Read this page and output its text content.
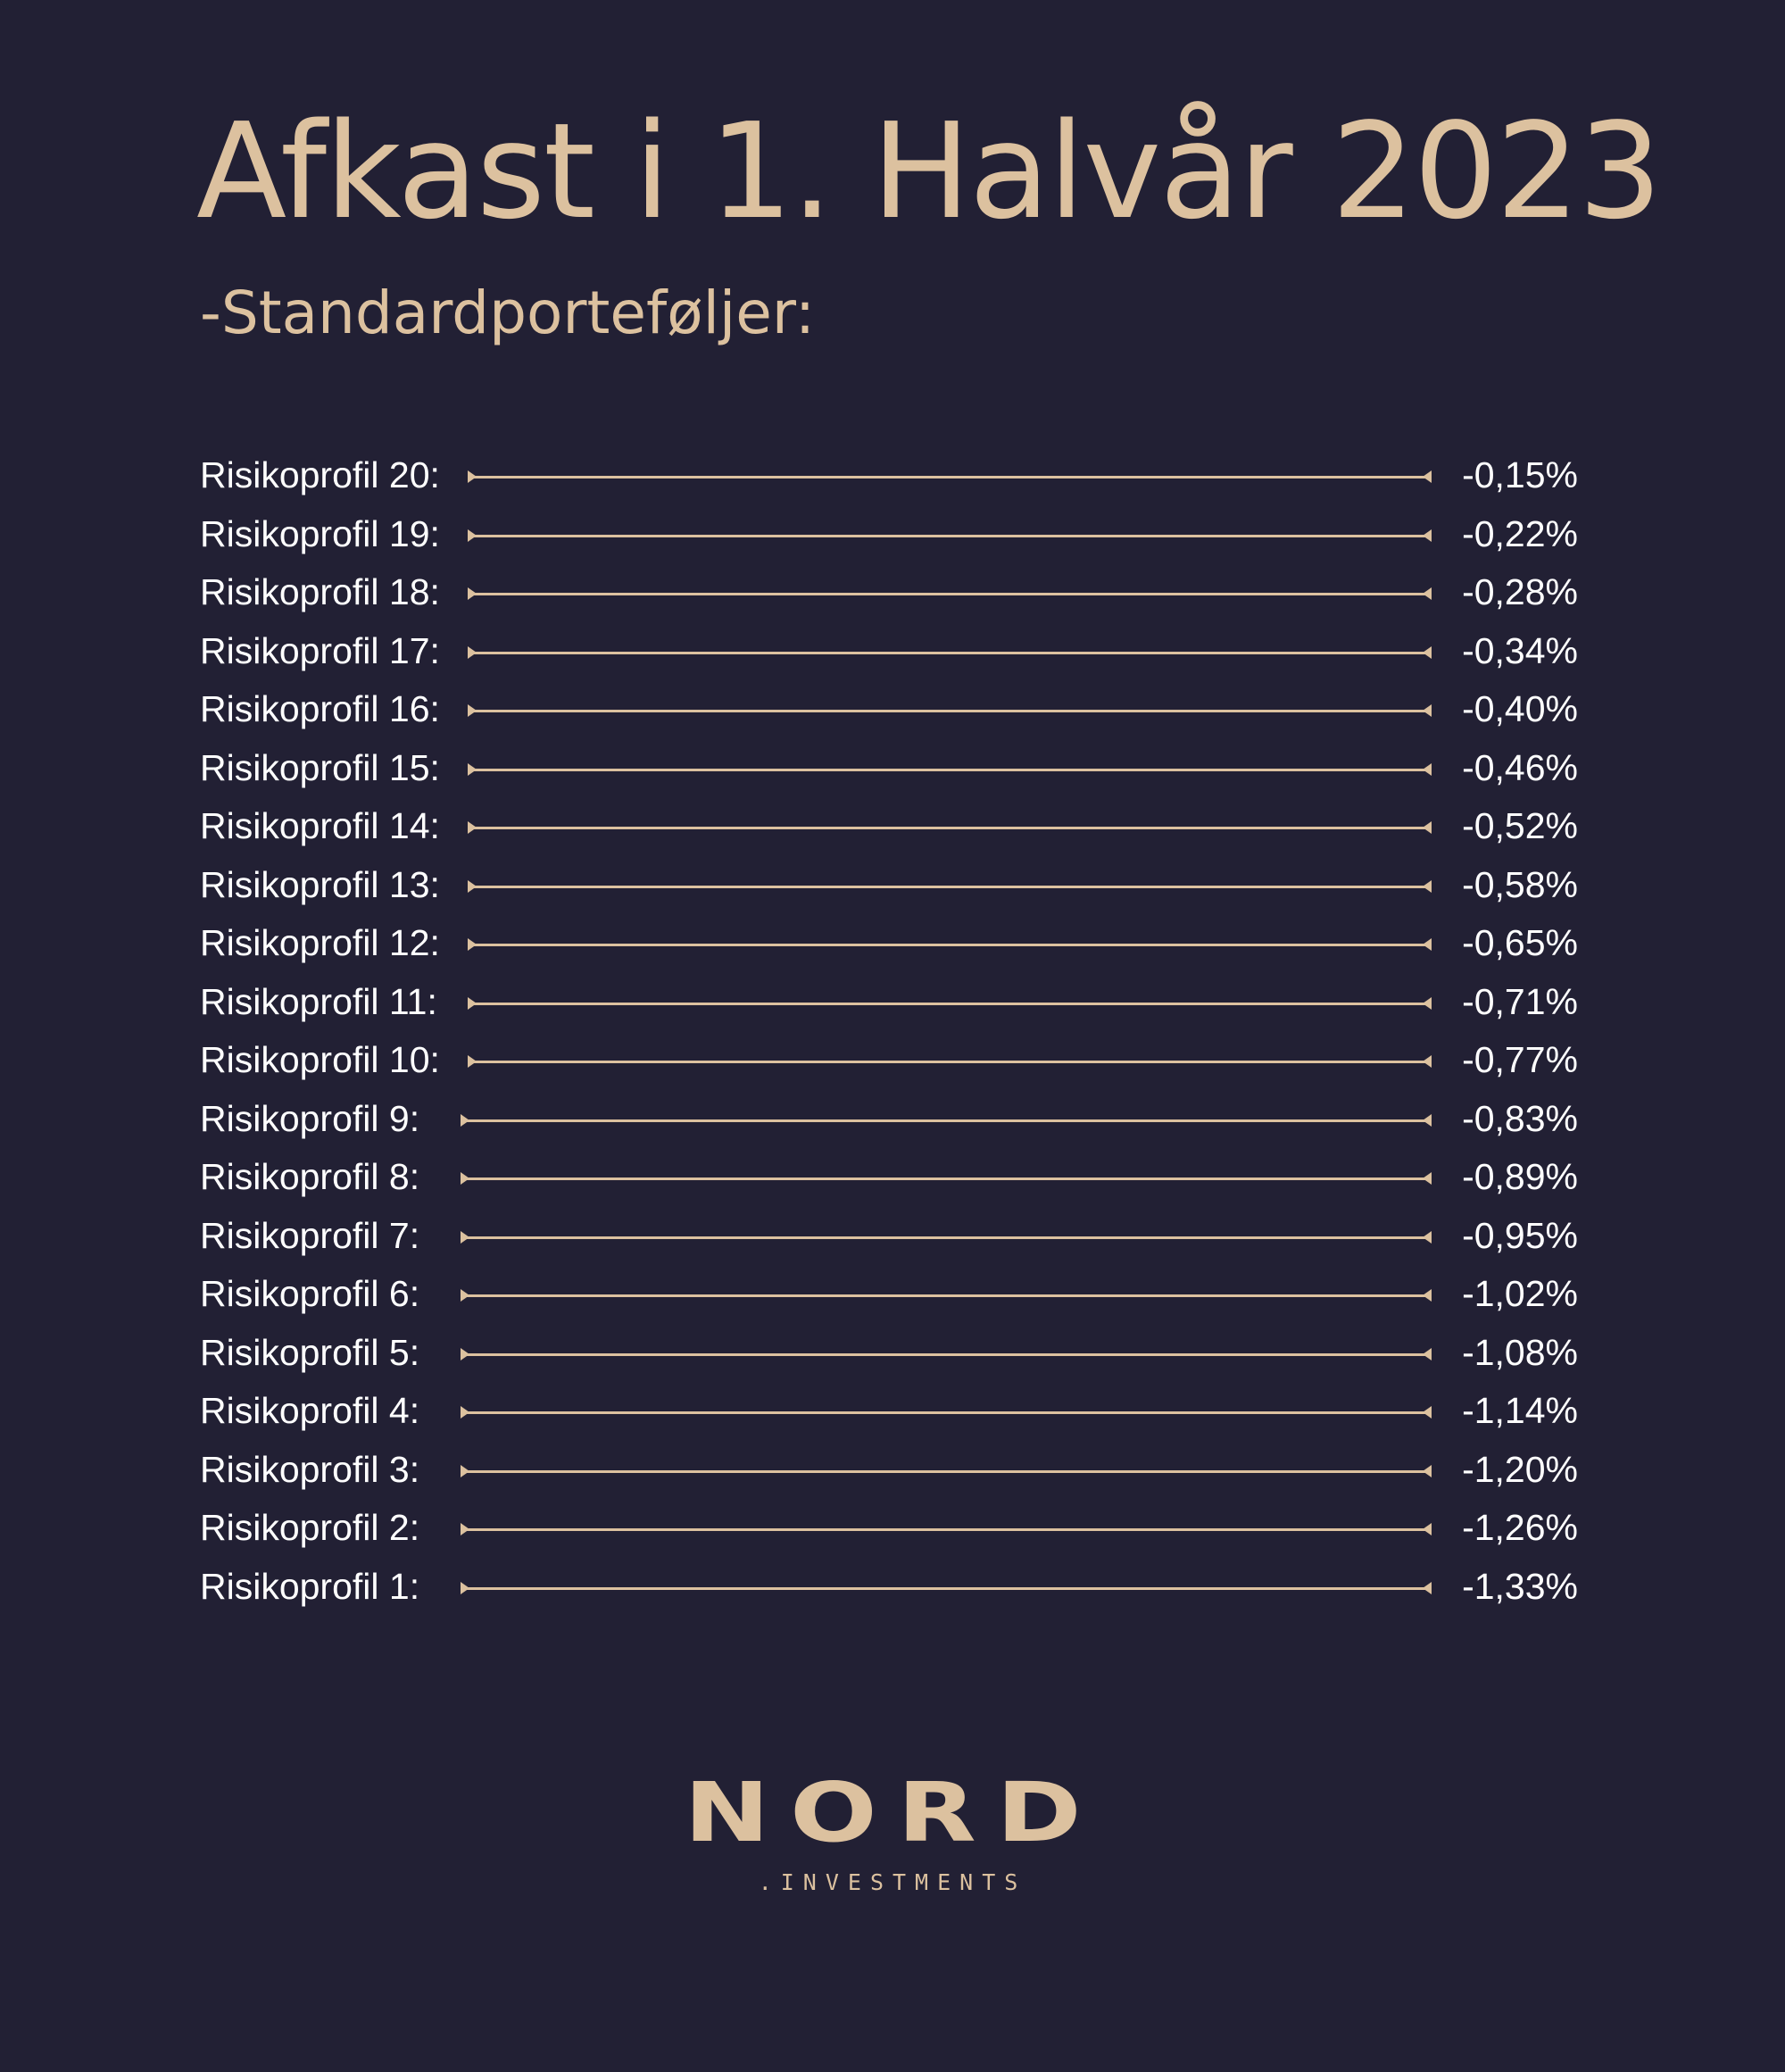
Afkast i 1. Halvår 2023
-Standardporteføljer:
Risikoprofil 20:	-0,15%
Risikoprofil 19:	-0,22%
Risikoprofil 18:	-0,28%
Risikoprofil 17:	-0,34%
Risikoprofil 16:	-0,40%
Risikoprofil 15:	-0,46%
Risikoprofil 14:	-0,52%
Risikoprofil 13:	-0,58%
Risikoprofil 12:	-0,65%
Risikoprofil 11:	-0,71%
Risikoprofil 10:	-0,77%
Risikoprofil 9:	-0,83%
Risikoprofil 8:	-0,89%
Risikoprofil 7:	-0,95%
Risikoprofil 6:	-1,02%
Risikoprofil 5:	-1,08%
Risikoprofil 4:	-1,14%
Risikoprofil 3:	-1,20%
Risikoprofil 2:	-1,26%
Risikoprofil 1:	-1,33%
NORD
.INVESTMENTS
